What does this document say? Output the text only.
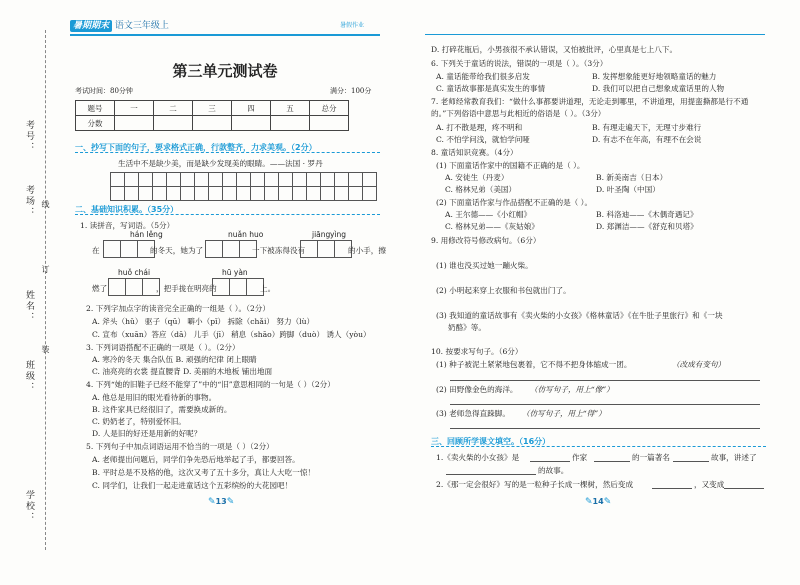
考号：
考场：
姓名：
班级：
学校：
线
订
装
暑期期末 语文三年级上	暑假作业
第三单元测试卷
考试时间：80分钟	满分：100分
题号	一	二	三	四	五	总分
分数						
一、抄写下面的句子，要求格式正确，行款整齐，力求美观。（2分）
生活中不是缺少美，而是缺少发现美的眼睛。——法国 · 罗丹
二、基础知识积累。（35分）
1. 读拼音，写词语。（5分）
hán lěng	nuǎn huo	jiāng yìng
在	的冬天，她为了	一下被冻得没有	的小手，擦
huǒ chái	hū yàn
燃了	，把手拢在明亮的	上。
2. 下列字加点字的读音完全正确的一组是（ ）。（2分）
A. 斧头（hǔ） 驱子（qū） 噼小（pǐ） 拆除（chǎi） 努力（lù）
C. 宣布（xuān）答应（dā） 儿手（jī） 稍息（shāo）跨脚（duò） 诱人（yòu）
3. 下列词语搭配不正确的一项是（ ）。（2分）
A. 寒冷的冬天 集合队伍 B. 顽强的纪律 闭上眼睛
C. 油亮亮的衣裳 提直腰背 D. 美丽的木地板 铺出地面
4. 下列“她的旧鞋子已经不能穿了”中的“旧”意思相同的一句是（ ）（2分）
A. 他总是用旧的眼光看待新的事物。
B. 这件家具已经很旧了，需要换成新的。
C. 奶奶老了，特别爱怀旧。
D. 人是旧的好还是用新的好呢？
5. 下列句子中加点词语运用不恰当的一项是（ ）（2分）
A. 老师提出问题后，同学们争先恐后地举起了手，都要回答。
B. 平时总是不及格的他，这次又考了五十多分，真让人大吃一惊！
C. 同学们，让我们一起走进童话这个五彩缤纷的大花园吧！
✎13✎
D. 打碎花瓶后，小男孩很不承认错误，又怕被批评，心里真是七上八下。
6. 下列关于童话的说法，错误的一项是（ ）。（3分）
A. 童话能带给我们很多启发	B. 发挥想象能更好地领略童话的魅力
C. 童话故事都是真实发生的事情	D. 我们可以把自己想象成童话里的人物
7. 老师经常教育我们：“做什么事都要讲道理，无论走到哪里，不讲道理，用提蛮撕都是行不通的。”下列俗语中意思与此相近的俗语是（ ）。（3分）
A. 打不散是理，疼不明和	B. 有理走遍天下，无理寸步难行
C. 不怕学问浅，就怕学问哑	D. 有志不在年高，有理不在会说
8. 童话知识竞赛。（4分）
(1) 下面童话作家中的国籍不正确的是（ ）。
A. 安徒生（丹麦）	B. 新美南吉（日本）
C. 格林兄弟（美国）	D. 叶圣陶（中国）
(2) 下面童话作家与作品搭配不正确的是（ ）。
A. 王尔德——《小红帽》	B. 科洛迪——《木偶奇遇记》
C. 格林兄弟——《灰姑娘》	D. 郑渊洁——《舒克和贝塔》
9. 用修改符号修改病句。（6分）
(1) 谁也没买过她一蹦火柴。
(2) 小明起来穿上衣服和书包就出门了。
(3) 我知道的童话故事有《卖火柴的小女孩》《格林童话》《在牛肚子里旅行》和《一块
奶酪》等。
10. 按要求写句子。（6分）
(1) 种子被泥土紧紧地包裹着，它不得不把身体缩成一团。	（改成有变句）
(2) 田野像金色的海洋。 （仿写句子，用上“像”）
(3) 老师急得直跺脚。 （仿写句子，用上“得”）
三、回顾所学课文填空。（16分）
1.《卖火柴的小女孩》是	作家	的一篇著名	故事，讲述了
的故事。
2.《那一定会很好》写的是一粒种子长成一棵树，然后变成	，又变成
✎14✎
